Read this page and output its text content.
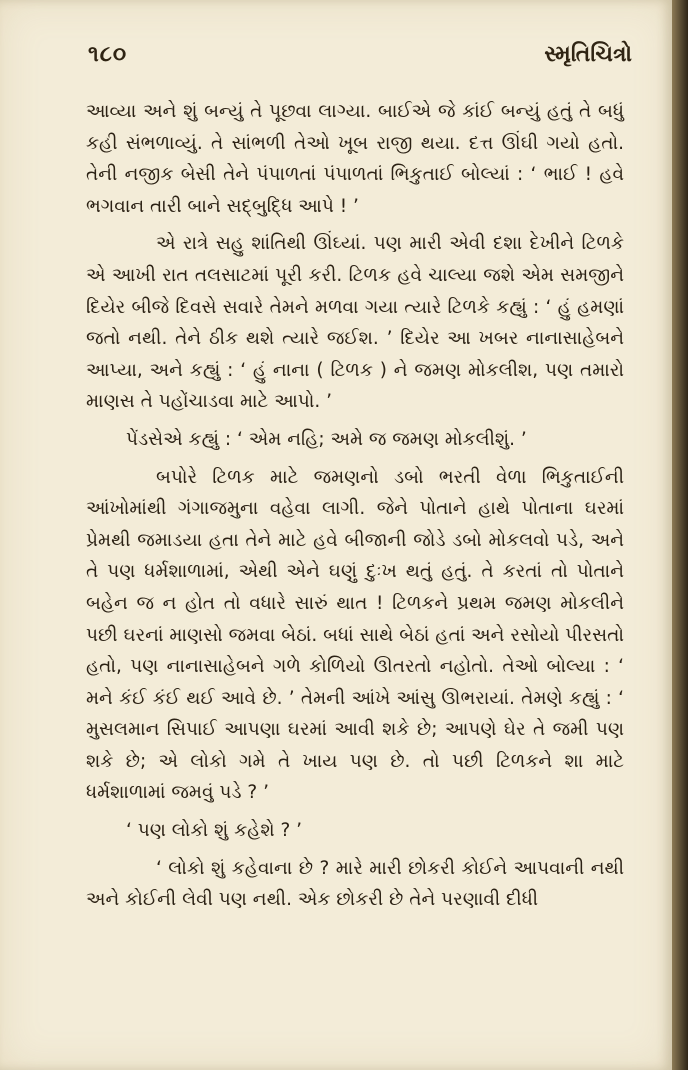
૧૮૦	સ્મૃતિચિત્રો

આવ્યા અને શું બન્યું તે પૂછવા લાગ્યા. બાઈએ જે કાંઈ બન્યું હતું તે બધું કહી સંભળાવ્યું. તે સાંભળી તેઓ ખૂબ રાજી થયા. દત્ત ઊંઘી ગયો હતો. તેની નજીક બેસી તેને પંપાળતાં પંપાળતાં ભિકુતાઈ બોલ્યાં : ‘ ભાઈ ! હવે ભગવાન તારી બાને સદ્બુદ્ધિ આપે ! ’

એ રાત્રે સહુ શાંતિથી ઊંઘ્યાં. પણ મારી એવી દશા દેખીને ટિળકે એ આખી રાત તલસાટમાં પૂરી કરી. ટિળક હવે ચાલ્યા જશે એમ સમજીને દિયેર બીજે દિવસે સવારે તેમને મળવા ગયા ત્યારે ટિળકે કહ્યું : ‘ હું હમણાં જતો નથી. તેને ઠીક થશે ત્યારે જઈશ. ’ દિયેર આ ખબર નાનાસાહેબને આપ્યા, અને કહ્યું : ‘ હું નાના ( ટિળક ) ને જમણ મોકલીશ, પણ તમારો માણસ તે પહોંચાડવા માટે આપો. ’

પેંડસેએ કહ્યું : ‘ એમ નહિ; અમે જ જમણ મોકલીશું. ’

બપોરે ટિળક માટે જમણનો ડબો ભરતી વેળા ભિકુતાઈની આંખોમાંથી ગંગાજમુના વહેવા લાગી. જેને પોતાને હાથે પોતાના ઘરમાં પ્રેમથી જમાડયા હતા તેને માટે હવે બીજાની જોડે ડબો મોકલવો પડે, અને તે પણ ધર્મશાળામાં, એથી એને ઘણું દુઃખ થતું હતું. તે કરતાં તો પોતાને બહેન જ ન હોત તો વધારે સારું થાત ! ટિળકને પ્રથમ જમણ મોકલીને પછી ઘરનાં માણસો જમવા બેઠાં. બધાં સાથે બેઠાં હતાં અને રસોયો પીરસતો હતો, પણ નાનાસાહેબને ગળે કોળિયો ઊતરતો નહોતો. તેઓ બોલ્યા : ‘ મને કંઈ કંઈ થઈ આવે છે. ’ તેમની આંખે આંસુ ઊભરાયાં. તેમણે કહ્યું : ‘ મુસલમાન સિપાઈ આપણા ઘરમાં આવી શકે છે; આપણે ઘેર તે જમી પણ શકે છે; એ લોકો ગમે તે ખાય પણ છે. તો પછી ટિળકને શા માટે ધર્મશાળામાં જમવું પડે ? ’

‘ પણ લોકો શું કહેશે ? ’

‘ લોકો શું કહેવાના છે ? મારે મારી છોકરી કોઈને આપવાની નથી અને કોઈની લેવી પણ નથી. એક છોકરી છે તેને પરણાવી દીધી
